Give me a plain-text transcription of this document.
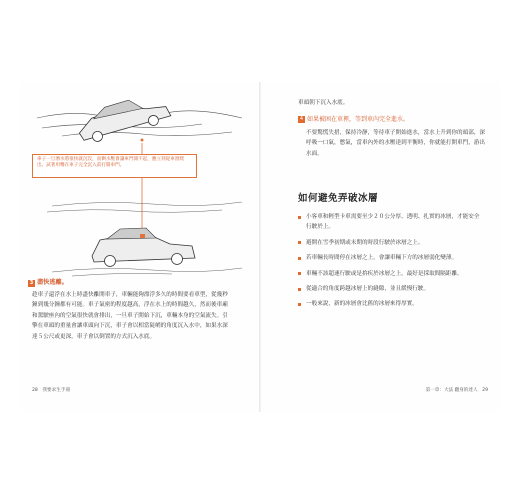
車子一旦潛水將很快就沉沒，而剩水壓會讓車門開不起，應立刻從車窗爬出。試著用嘴在車子完全沉入前打開車門。
3 盡快逃離。
趁車子還浮在水上時盡快離開車子，車輛能夠漂浮多久的時間要看車型，從幾秒鐘到幾分鐘都有可能。車子氣密的程度越高，浮在水上的時間越久，然而後車廂和駕駛座內的空氣很快就會排出，一旦車子開始下沉，車輛本身的空氣流失。引擎在車頭的重量會讓車頭向下沉，車子會以相當陡峭的角度沉入水中，如果水深達５公尺或更深，車子會以倒置的方式沉入水底。
28　我要求生手冊
車頭朝下沉入水底。
4 如果被困在車裡，等到車內完全進水。
不要驚慌失措，保持冷靜，等待車子開始進水，當水上升到你的頭部，深呼吸一口氣，憋氣，當車內外的水壓達到平衡時，你就能打開車門，游出水面。
如何避免弄破冰層
小客車和輕型卡車需要至少２０公分厚、透明、扎實的冰層，才能安全行駛於上。
避開在雪季初期或末期的時段行駛於冰層之上。
若車輛長時間停在冰層之上，會讓車輛下方的冰層弱化變薄。
車輛不該超速行駛或是拚疾於冰層之上，最好是採取間隔距離。
從適合的角度跨越冰層上的縫隙，並且緩慢行駛。
一般來說，新的冰層會比舊的冰層來得厚實。
第一章：大法 翻身的達人　29
